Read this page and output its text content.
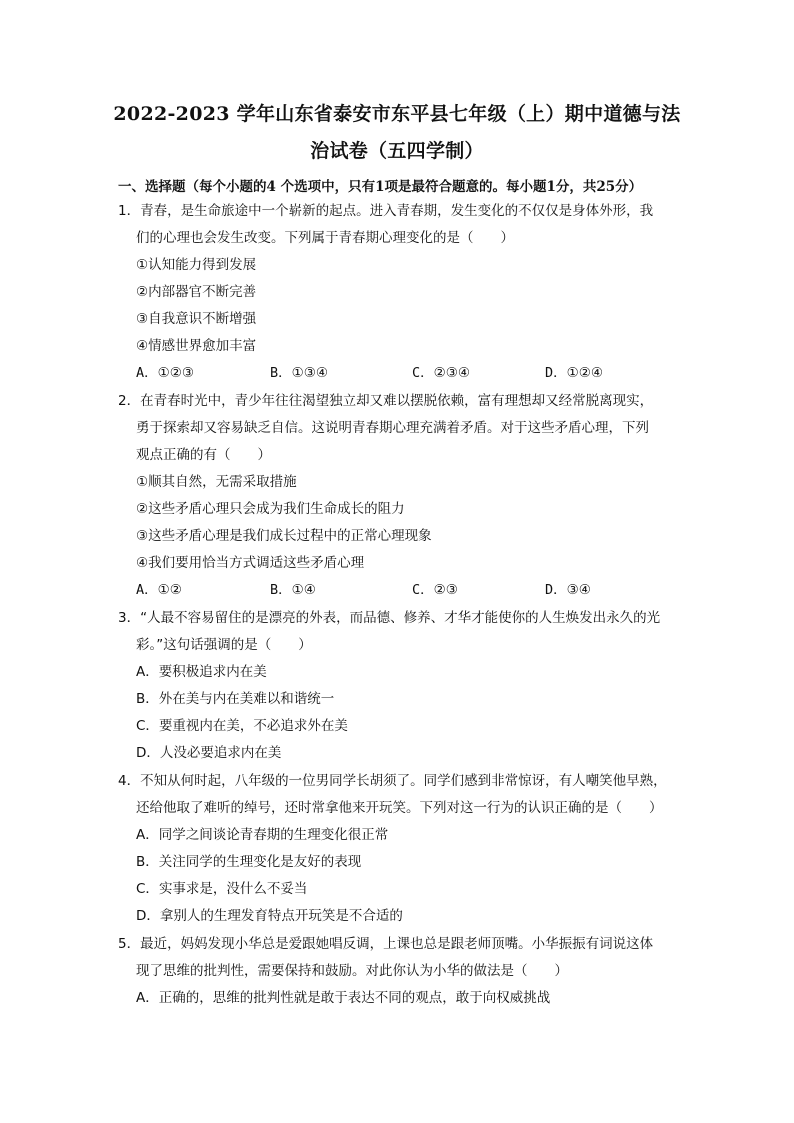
2022-2023 学年山东省泰安市东平县七年级（上）期中道德与法
治试卷（五四学制）
一、选择题（每个小题的4 个选项中，只有1项是最符合题意的。每小题1分，共25分）
1．青春，是生命旅途中一个崭新的起点。进入青春期，发生变化的不仅仅是身体外形，我
们的心理也会发生改变。下列属于青春期心理变化的是（　　）
①认知能力得到发展
②内部器官不断完善
③自我意识不断增强
④情感世界愈加丰富
A．①②③	B．①③④	C．②③④	D．①②④
2．在青春时光中，青少年往往渴望独立却又难以摆脱依赖，富有理想却又经常脱离现实，
勇于探索却又容易缺乏自信。这说明青春期心理充满着矛盾。对于这些矛盾心理，下列
观点正确的有（　　）
①顺其自然，无需采取措施
②这些矛盾心理只会成为我们生命成长的阻力
③这些矛盾心理是我们成长过程中的正常心理现象
④我们要用恰当方式调适这些矛盾心理
A．①②	B．①④	C．②③	D．③④
3．“人最不容易留住的是漂亮的外表，而品德、修养、才华才能使你的人生焕发出永久的光
彩。”这句话强调的是（　　）
A．要积极追求内在美
B．外在美与内在美难以和谐统一
C．要重视内在美，不必追求外在美
D．人没必要追求内在美
4．不知从何时起，八年级的一位男同学长胡须了。同学们感到非常惊讶，有人嘲笑他早熟，
还给他取了难听的绰号，还时常拿他来开玩笑。下列对这一行为的认识正确的是（　　）
A．同学之间谈论青春期的生理变化很正常
B．关注同学的生理变化是友好的表现
C．实事求是，没什么不妥当
D．拿别人的生理发育特点开玩笑是不合适的
5．最近，妈妈发现小华总是爱跟她唱反调，上课也总是跟老师顶嘴。小华振振有词说这体
现了思维的批判性，需要保持和鼓励。对此你认为小华的做法是（　　）
A．正确的，思维的批判性就是敢于表达不同的观点，敢于向权威挑战
